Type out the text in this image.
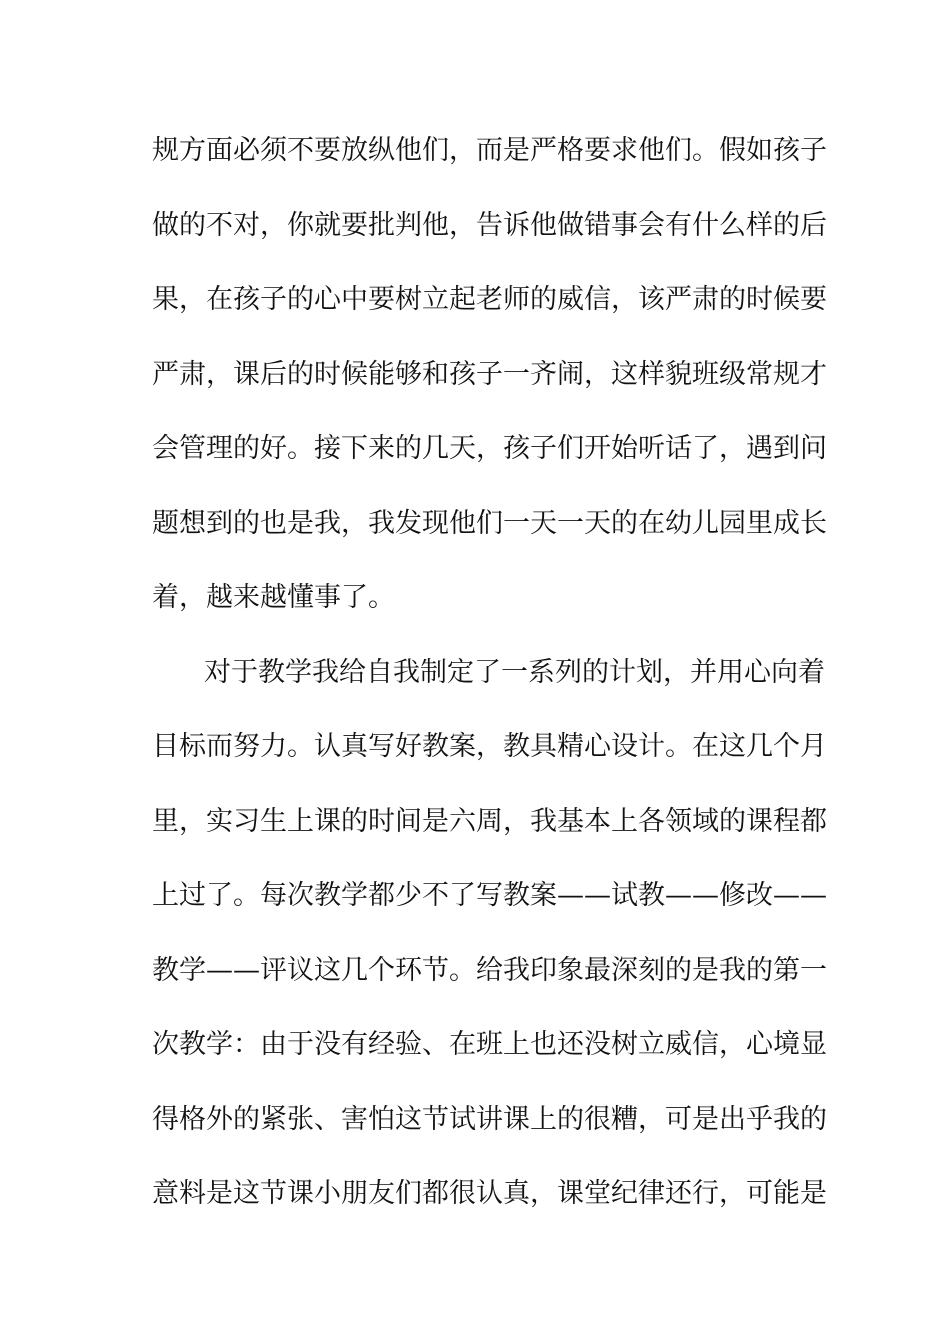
规方面必须不要放纵他们，而是严格要求他们。假如孩子
做的不对，你就要批判他，告诉他做错事会有什么样的后
果，在孩子的心中要树立起老师的威信，该严肃的时候要
严肃，课后的时候能够和孩子一齐闹，这样貌班级常规才
会管理的好。接下来的几天，孩子们开始听话了，遇到问
题想到的也是我，我发现他们一天一天的在幼儿园里成长
着，越来越懂事了。
对于教学我给自我制定了一系列的计划，并用心向着
目标而努力。认真写好教案，教具精心设计。在这几个月
里，实习生上课的时间是六周，我基本上各领域的课程都
上过了。每次教学都少不了写教案——试教——修改——
教学——评议这几个环节。给我印象最深刻的是我的第一
次教学：由于没有经验、在班上也还没树立威信，心境显
得格外的紧张、害怕这节试讲课上的很糟，可是出乎我的
意料是这节课小朋友们都很认真，课堂纪律还行，可能是
